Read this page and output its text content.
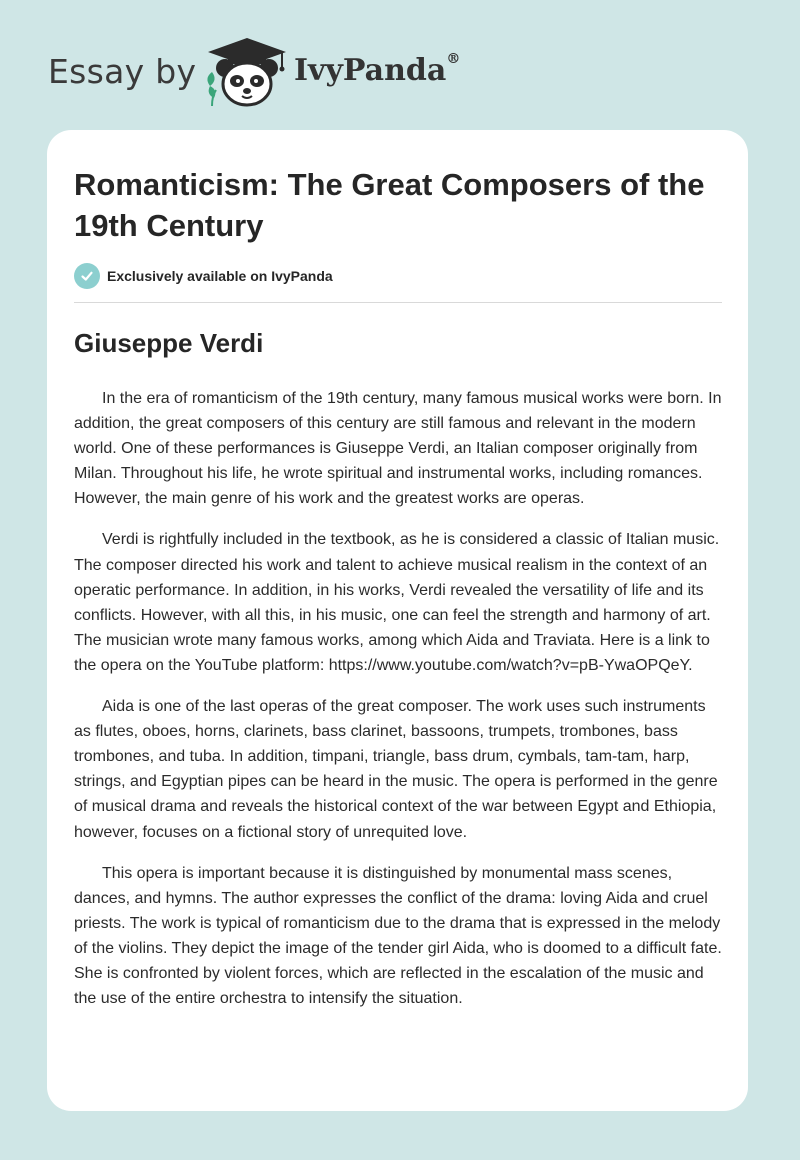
Essay by	IvyPanda®
Romanticism: The Great Composers of the 19th Century
Exclusively available on IvyPanda
Giuseppe Verdi

In the era of romanticism of the 19th century, many famous musical works were born. In addition, the great composers of this century are still famous and relevant in the modern world. One of these performances is Giuseppe Verdi, an Italian composer originally from Milan. Throughout his life, he wrote spiritual and instrumental works, including romances. However, the main genre of his work and the greatest works are operas.

Verdi is rightfully included in the textbook, as he is considered a classic of Italian music. The composer directed his work and talent to achieve musical realism in the context of an operatic performance. In addition, in his works, Verdi revealed the versatility of life and its conflicts. However, with all this, in his music, one can feel the strength and harmony of art. The musician wrote many famous works, among which Aida and Traviata. Here is a link to the opera on the YouTube platform: https://www.youtube.com/watch?v=pB-YwaOPQeY.

Aida is one of the last operas of the great composer. The work uses such instruments as flutes, oboes, horns, clarinets, bass clarinet, bassoons, trumpets, trombones, bass trombones, and tuba. In addition, timpani, triangle, bass drum, cymbals, tam-tam, harp, strings, and Egyptian pipes can be heard in the music. The opera is performed in the genre of musical drama and reveals the historical context of the war between Egypt and Ethiopia, however, focuses on a fictional story of unrequited love.

This opera is important because it is distinguished by monumental mass scenes, dances, and hymns. The author expresses the conflict of the drama: loving Aida and cruel priests. The work is typical of romanticism due to the drama that is expressed in the melody of the violins. They depict the image of the tender girl Aida, who is doomed to a difficult fate. She is confronted by violent forces, which are reflected in the escalation of the music and the use of the entire orchestra to intensify the situation.
